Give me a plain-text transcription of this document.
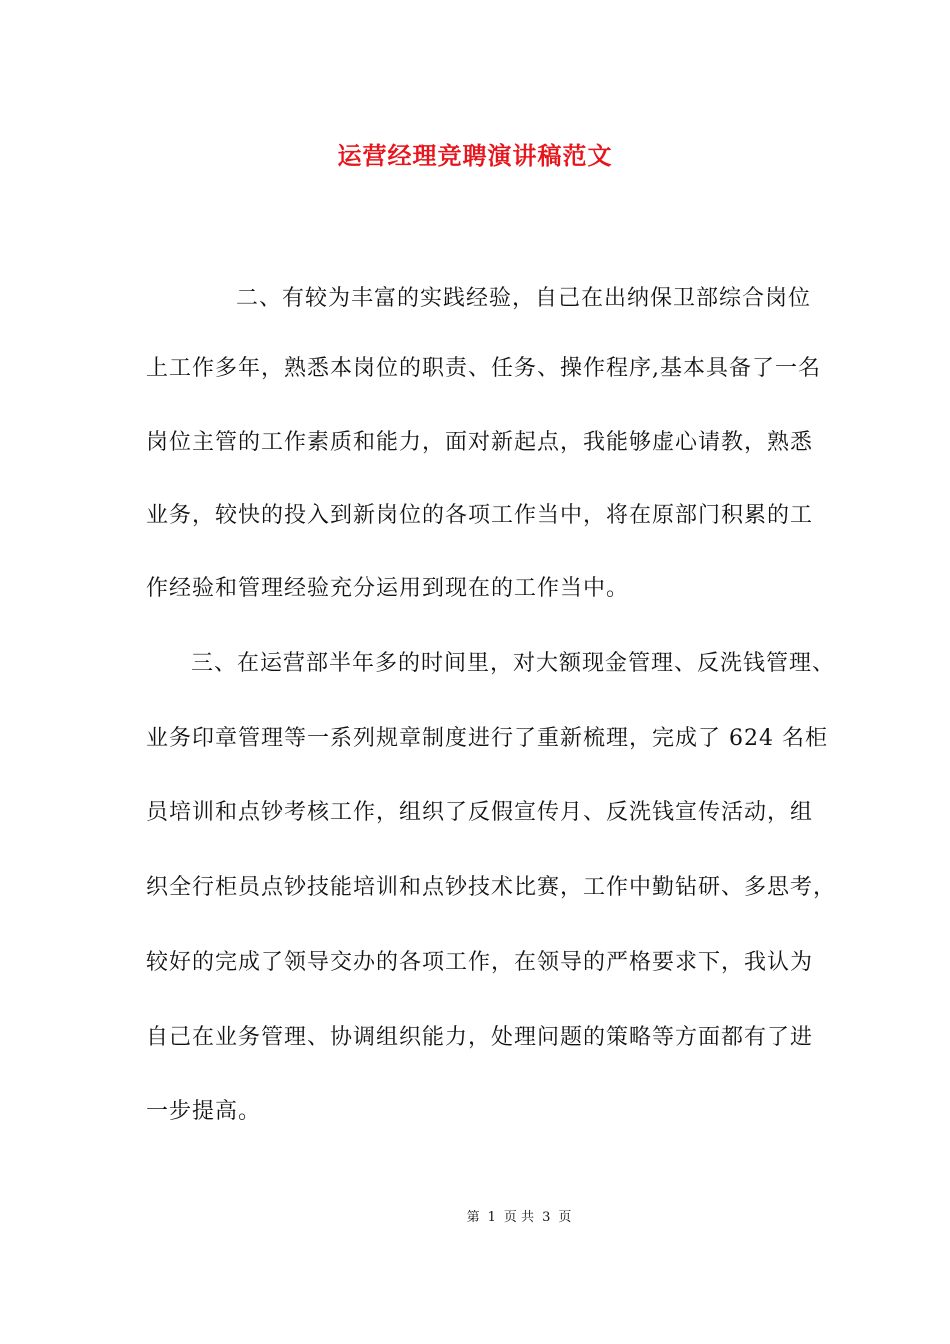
运营经理竞聘演讲稿范文
二、有较为丰富的实践经验，自己在出纳保卫部综合岗位
上工作多年，熟悉本岗位的职责、任务、操作程序,基本具备了一名
岗位主管的工作素质和能力，面对新起点，我能够虚心请教，熟悉
业务，较快的投入到新岗位的各项工作当中，将在原部门积累的工
作经验和管理经验充分运用到现在的工作当中。
三、在运营部半年多的时间里，对大额现金管理、反洗钱管理、
业务印章管理等一系列规章制度进行了重新梳理，完成了 624 名柜
员培训和点钞考核工作，组织了反假宣传月、反洗钱宣传活动，组
织全行柜员点钞技能培训和点钞技术比赛，工作中勤钻研、多思考，
较好的完成了领导交办的各项工作，在领导的严格要求下，我认为
自己在业务管理、协调组织能力，处理问题的策略等方面都有了进
一步提高。
第 1 页 共 3 页
